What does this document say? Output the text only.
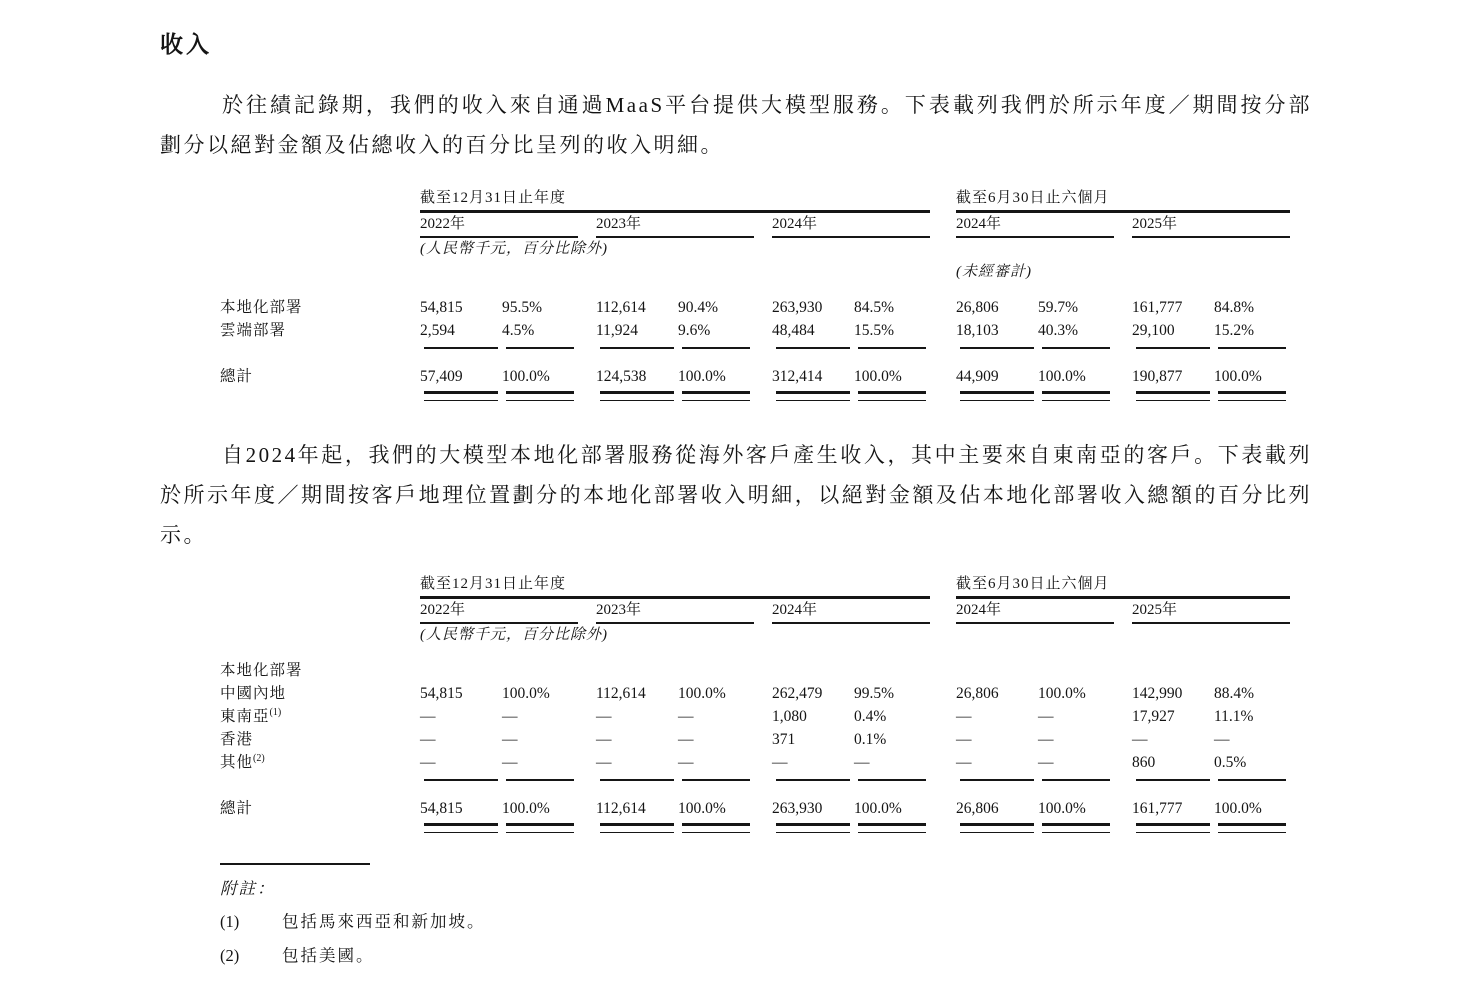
收入

於往績記錄期，我們的收入來自通過MaaS平台提供大模型服務。下表載列我們於所示年度／期間按分部劃分以絕對金額及佔總收入的百分比呈列的收入明細。

	截至12月31日止年度									截至6月30日止六個月				
	2022年			2023年			2024年			2024年			2025年	
	(人民幣千元，百分比除外)													
										(未經審計)				

本地化部署	54,815	95.5%		112,614	90.4%		263,930	84.5%		26,806	59.7%		161,777	84.8%
雲端部署	2,594	4.5%		11,924	9.6%		48,484	15.5%		18,103	40.3%		29,100	15.2%

總計	57,409	100.0%		124,538	100.0%		312,414	100.0%		44,909	100.0%		190,877	100.0%

自2024年起，我們的大模型本地化部署服務從海外客戶產生收入，其中主要來自東南亞的客戶。下表載列於所示年度／期間按客戶地理位置劃分的本地化部署收入明細，以絕對金額及佔本地化部署收入總額的百分比列示。

	截至12月31日止年度									截至6月30日止六個月				
	2022年			2023年			2024年			2024年			2025年	
	(人民幣千元，百分比除外)													

本地化部署														
中國內地	54,815	100.0%		112,614	100.0%		262,479	99.5%		26,806	100.0%		142,990	88.4%
東南亞$^{(1)}$	—	—		—	—		1,080	0.4%		—	—		17,927	11.1%
香港	—	—		—	—		371	0.1%		—	—		—	—
其他$^{(2)}$	—	—		—	—		—	—		—	—		860	0.5%

總計	54,815	100.0%		112,614	100.0%		263,930	100.0%		26,806	100.0%		161,777	100.0%

附註：
(1)	包括馬來西亞和新加坡。
(2)	包括美國。
